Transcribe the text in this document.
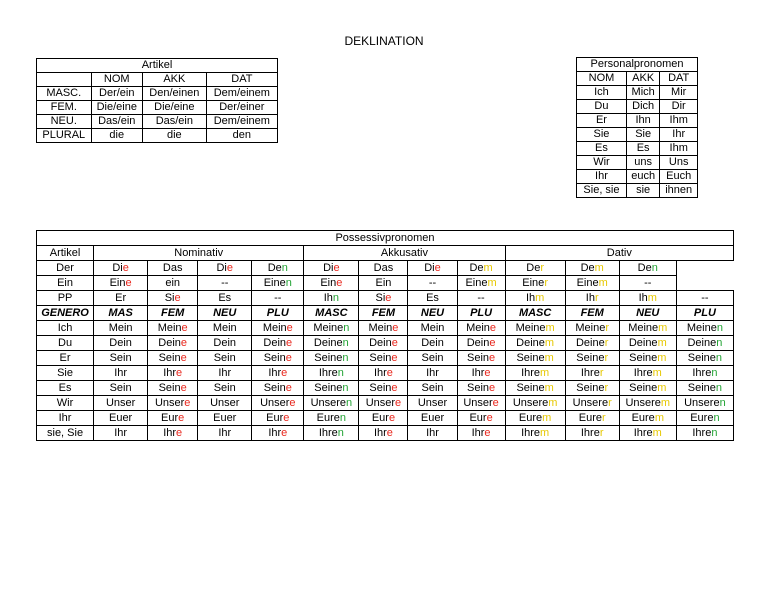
DEKLINATION
Artikel			
	NOM	AKK	DAT
MASC.	Der/ein	Den/einen	Dem/einem
FEM.	Die/eine	Die/eine	Der/einer
NEU.	Das/ein	Das/ein	Dem/einem
PLURAL	die	die	den
Personalpronomen		
NOM	AKK	DAT
Ich	Mich	Mir
Du	Dich	Dir
Er	Ihn	Ihm
Sie	Sie	Ihr
Es	Es	Ihm
Wir	uns	Uns
Ihr	euch	Euch
Sie, sie	sie	ihnen
Possessivpronomen												
Artikel	Nominativ				Akkusativ				Dativ			
Der	Die	Das	Die	Den	Die	Das	Die	Dem	Der	Dem	Den	
Ein	Eine	ein	--	Einen	Eine	Ein	--	Einem	Einer	Einem	--	
PP	Er	Sie	Es	--	Ihn	Sie	Es	--	Ihm	Ihr	Ihm	--
GENERO	MAS	FEM	NEU	PLU	MASC	FEM	NEU	PLU	MASC	FEM	NEU	PLU
Ich	Mein	Meine	Mein	Meine	Meinen	Meine	Mein	Meine	Meinem	Meiner	Meinem	Meinen
Du	Dein	Deine	Dein	Deine	Deinen	Deine	Dein	Deine	Deinem	Deiner	Deinem	Deinen
Er	Sein	Seine	Sein	Seine	Seinen	Seine	Sein	Seine	Seinem	Seiner	Seinem	Seinen
Sie	Ihr	Ihre	Ihr	Ihre	Ihren	Ihre	Ihr	Ihre	Ihrem	Ihrer	Ihrem	Ihren
Es	Sein	Seine	Sein	Seine	Seinen	Seine	Sein	Seine	Seinem	Seiner	Seinem	Seinen
Wir	Unser	Unsere	Unser	Unsere	Unseren	Unsere	Unser	Unsere	Unserem	Unserer	Unserem	Unseren
Ihr	Euer	Eure	Euer	Eure	Euren	Eure	Euer	Eure	Eurem	Eurer	Eurem	Euren
sie, Sie	Ihr	Ihre	Ihr	Ihre	Ihren	Ihre	Ihr	Ihre	Ihrem	Ihrer	Ihrem	Ihren
